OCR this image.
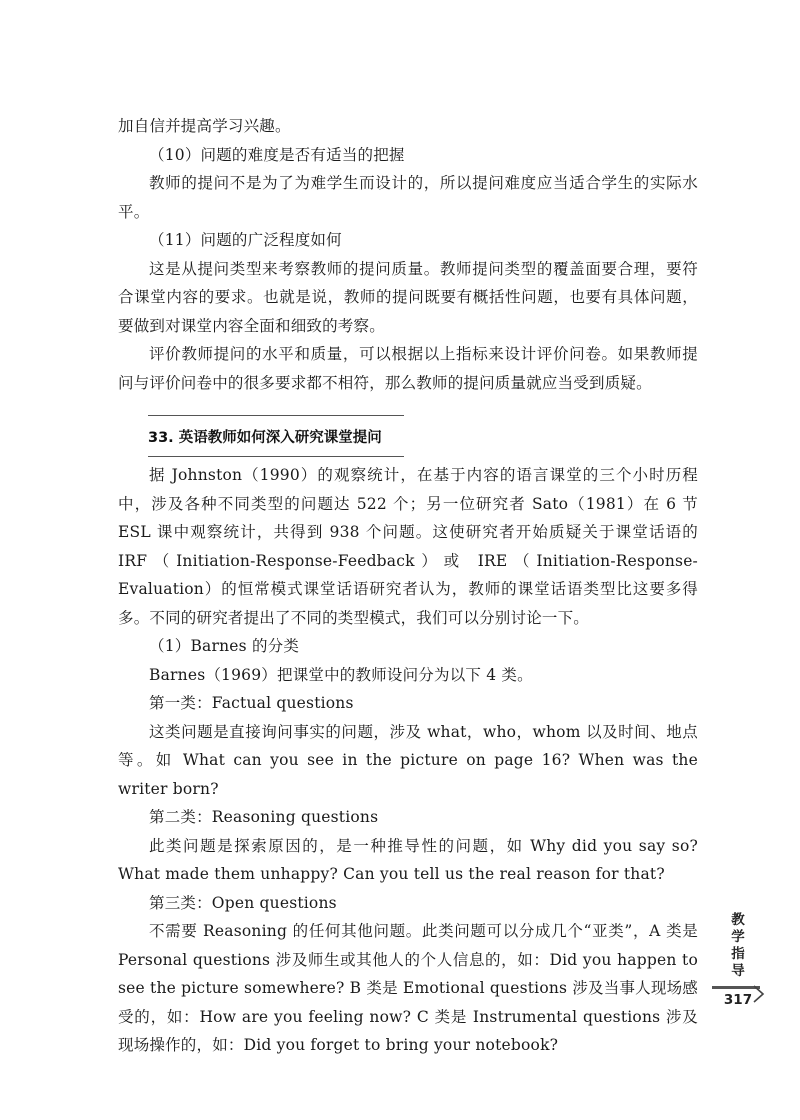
加自信并提高学习兴趣。

（10）问题的难度是否有适当的把握

教师的提问不是为了为难学生而设计的，所以提问难度应当适合学生的实际水平。

（11）问题的广泛程度如何

这是从提问类型来考察教师的提问质量。教师提问类型的覆盖面要合理，要符合课堂内容的要求。也就是说，教师的提问既要有概括性问题，也要有具体问题，要做到对课堂内容全面和细致的考察。

评价教师提问的水平和质量，可以根据以上指标来设计评价问卷。如果教师提问与评价问卷中的很多要求都不相符，那么教师的提问质量就应当受到质疑。

33. 英语教师如何深入研究课堂提问

据 Johnston（1990）的观察统计，在基于内容的语言课堂的三个小时历程中，涉及各种不同类型的问题达 522 个；另一位研究者 Sato（1981）在 6 节 ESL 课中观察统计，共得到 938 个问题。这使研究者开始质疑关于课堂话语的 IRF（Initiation-Response-Feedback）或 IRE（Initiation-Response-Evaluation）的恒常模式课堂话语研究者认为，教师的课堂话语类型比这要多得多。不同的研究者提出了不同的类型模式，我们可以分别讨论一下。

（1）Barnes 的分类

Barnes（1969）把课堂中的教师设问分为以下 4 类。

第一类：Factual questions

这类问题是直接询问事实的问题，涉及 what，who，whom 以及时间、地点等。如 What can you see in the picture on page 16? When was the writer born?

第二类：Reasoning questions

此类问题是探索原因的，是一种推导性的问题，如 Why did you say so? What made them unhappy? Can you tell us the real reason for that?

第三类：Open questions

不需要 Reasoning 的任何其他问题。此类问题可以分成几个“亚类”，A 类是 Personal questions 涉及师生或其他人的个人信息的，如：Did you happen to see the picture somewhere? B 类是 Emotional questions 涉及当事人现场感受的，如：How are you feeling now? C 类是 Instrumental questions 涉及现场操作的，如：Did you forget to bring your notebook?

教
学
指
导
317
